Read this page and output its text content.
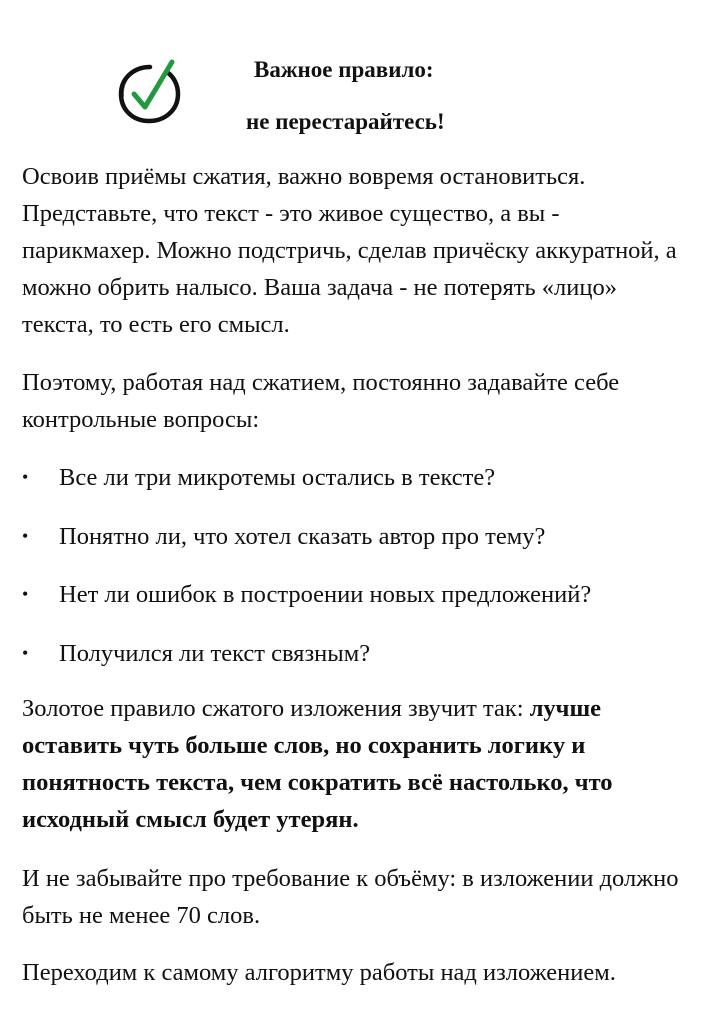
Важное правило:
не перестарайтесь!

Освоив приёмы сжатия, важно вовремя остановиться. Представьте, что текст - это живое существо, а вы - парикмахер. Можно подстричь, сделав причёску аккуратной, а можно обрить налысо. Ваша задача - не потерять «лицо» текста, то есть его смысл.

Поэтому, работая над сжатием, постоянно задавайте себе контрольные вопросы:

•	Все ли три микротемы остались в тексте?
•	Понятно ли, что хотел сказать автор про тему?
•	Нет ли ошибок в построении новых предложений?
•	Получился ли текст связным?

Золотое правило сжатого изложения звучит так: лучше оставить чуть больше слов, но сохранить логику и понятность текста, чем сократить всё настолько, что исходный смысл будет утерян.

И не забывайте про требование к объёму: в изложении должно быть не менее 70 слов.

Переходим к самому алгоритму работы над изложением.
